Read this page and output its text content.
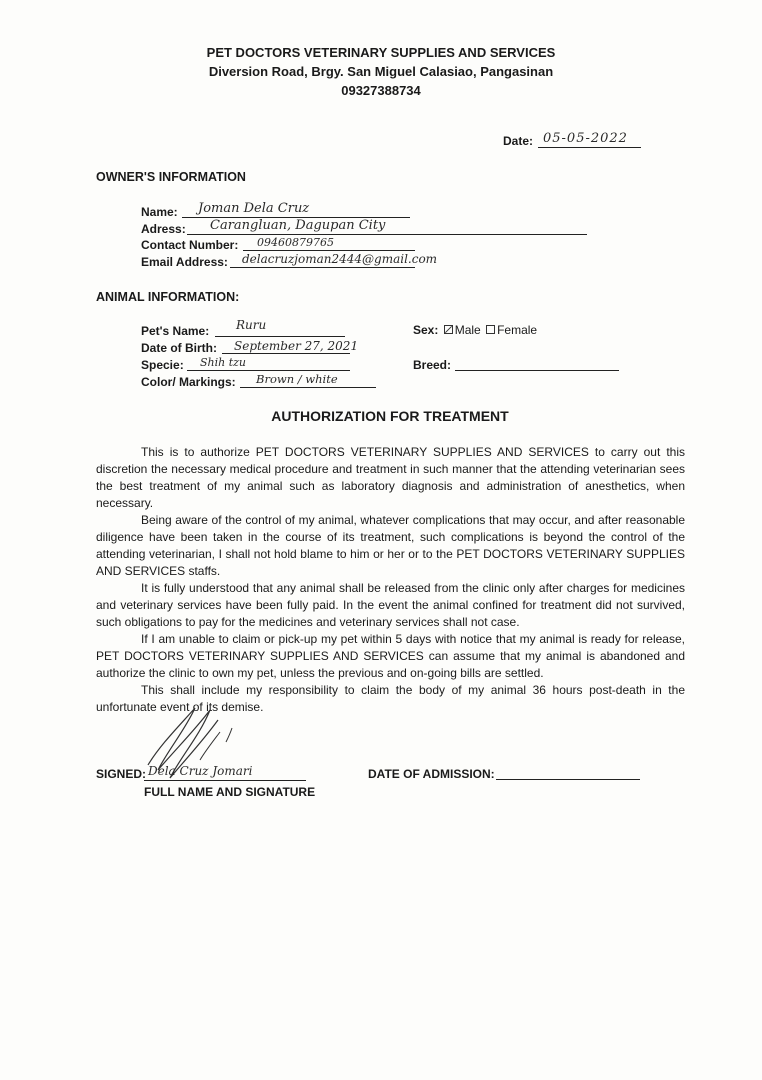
PET DOCTORS VETERINARY SUPPLIES AND SERVICES
Diversion Road, Brgy. San Miguel Calasiao, Pangasinan
09327388734
Date: 05-05-2022
OWNER'S INFORMATION
Name: Joman Dela Cruz
Adress: Carangluan, Dagupan City
Contact Number: 09460879765
Email Address: delacruzjoman2444@gmail.com
ANIMAL INFORMATION:
Pet's Name: Ruru
Date of Birth: September 27, 2021
Specie: Shih tzu
Color/ Markings: Brown / white
Sex: Male Female
Breed:
AUTHORIZATION FOR TREATMENT

This is to authorize PET DOCTORS VETERINARY SUPPLIES AND SERVICES to carry out this discretion the necessary medical procedure and treatment in such manner that the attending veterinarian sees the best treatment of my animal such as laboratory diagnosis and administration of anesthetics, when necessary.

Being aware of the control of my animal, whatever complications that may occur, and after reasonable diligence have been taken in the course of its treatment, such complications is beyond the control of the attending veterinarian, I shall not hold blame to him or her or to the PET DOCTORS VETERINARY SUPPLIES AND SERVICES staffs.

It is fully understood that any animal shall be released from the clinic only after charges for medicines and veterinary services have been fully paid. In the event the animal confined for treatment did not survived, such obligations to pay for the medicines and veterinary services shall not case.

If I am unable to claim or pick-up my pet within 5 days with notice that my animal is ready for release, PET DOCTORS VETERINARY SUPPLIES AND SERVICES can assume that my animal is abandoned and authorize the clinic to own my pet, unless the previous and on-going bills are settled.

This shall include my responsibility to claim the body of my animal 36 hours post-death in the unfortunate event of its demise.

SIGNED: Dela Cruz Jomari
FULL NAME AND SIGNATURE
DATE OF ADMISSION:
